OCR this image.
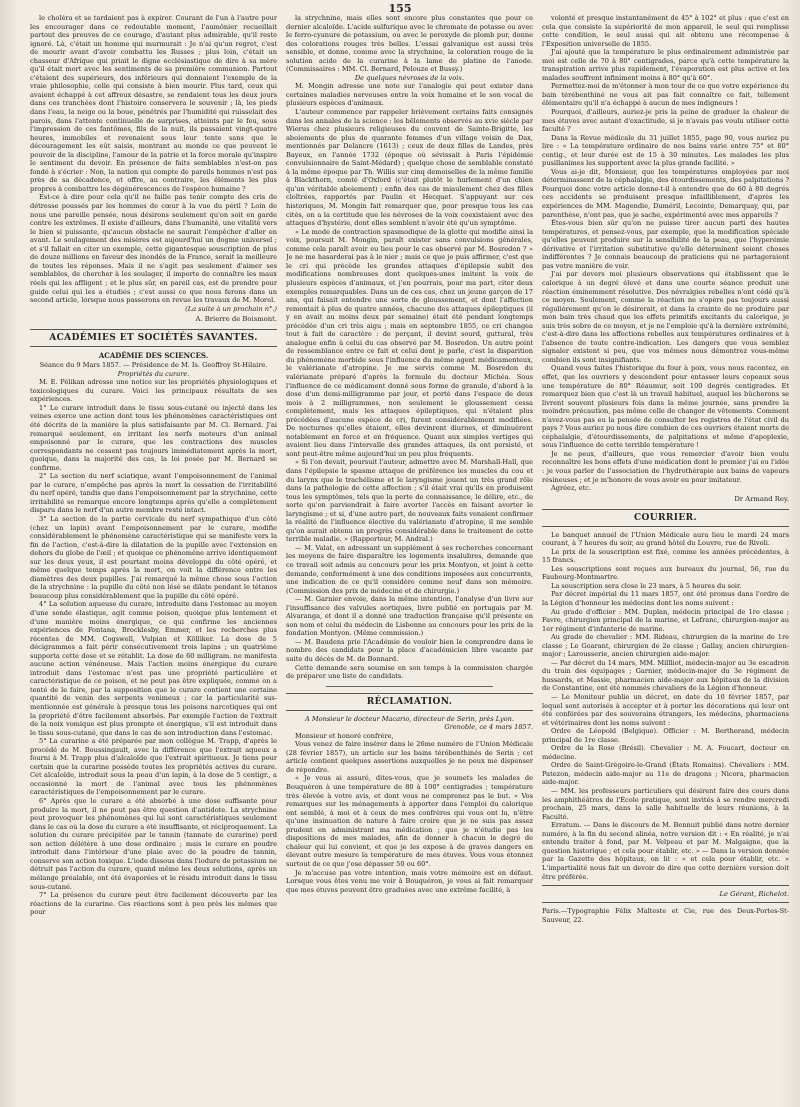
155

le choléra et se tardaient pas à expirer. Courant de l'un à l'autre pour les encourager dans ce redoutable moment, l'aumônier recueillait partout des preuves de ce courage, d'autant plus admirable, qu'il reste ignoré. Là, c'était un homme qui murmurait : Je n'ai qu'un regret, c'est de mourir avant d'avoir combattu les Russes ; plus loin, c'était un chasseur d'Afrique qui priait le digne ecclésiastique de dire à sa mère qu'il était mort avec les sentiments de sa première communion. Partout c'étaient des supérieurs, des inférieurs qui donnaient l'exemple de la vraie philosophie, celle qui consiste à bien mourir. Plus tard, ceux qui avaient échappé à cet affreux désastre, se rendaient tous les deux jours dans ces tranchées dont l'histoire conservera le souvenir ; là, les pieds dans l'eau, la neige ou la boue, pénétrés par l'humidité qui ruisselait des parois, dans l'attente continuelle de surprises, atteints par le feu, sous l'impression de ces fantômes, fils de la nuit, ils passaient vingt-quatre heures, immobiles et revenaient sous leur tente sans que le découragement les eût saisis, montrant au monde ce que peuvent le pouvoir de la discipline, l'amour de la patrie et la force morale qu'inspire le sentiment du devoir. En présence de faits semblables n'est-on pas fondé à s'écrier : Non, la nation qui compte de pareils hommes n'est pas près de sa décadence, et offre, au contraire, les éléments les plus propres à combattre les dégénérescences de l'espèce humaine ?

Est-ce à dire pour cela qu'il ne faille pas tenir compte des cris de détresse poussés par les hommes de cœur à la vue du péril ? Loin de nous une pareille pensée, nous désirons seulement qu'on soit en garde contre les extrêmes. Il existe d'ailleurs, dans l'humanité, une vitalité vers le bien si puissante, qu'aucun obstacle ne saurait l'empêcher d'aller en avant. Le soulagement des misères est aujourd'hui un dogme universel ; et s'il fallait en citer un exemple, cette gigantesque souscription de plus de douze millions en faveur des inondés de la France, serait la meilleure de toutes les réponses. Mais il ne s'agit pas seulement d'aimer ses semblables, de chercher à les soulager, il importe de connaître les maux réels qui les affligent ; et le plus sûr, en pareil cas, est de prendre pour guide celui qui les a étudiés ; c'est aussi ce que nous ferons dans un second article, lorsque nous passerons en revue les travaux de M. Morel.

(La suite à un prochain n°.)

A. Brierre de Boismont.
ACADÉMIES ET SOCIÉTÉS SAVANTES.
ACADÉMIE DES SCIENCES.

Séance du 9 Mars 1857. — Présidence de M. Is. Geoffroy St-Hilaire.

Propriétés du curare.

M. E. Pélikan adresse une notice sur les propriétés physiologiques et toxicologiques du curare. Voici les principaux résultats de ses expériences.

1° Le curare introduit dans le tissu sous-cutané ou injecté dans les veines exerce une action dont tous les phénomènes caractéristiques ont été décrits de la manière la plus satisfaisante par M. Cl. Bernard. J'ai remarqué seulement, en irritant les nerfs moteurs d'un animal empoisonné par le curare, que les contractions des muscles correspondants ne cessent pas toujours immédiatement après la mort, quoique, dans la majorité des cas, la loi posée par M. Bernard se confirme.

2° La section du nerf sciatique, avant l'empoisonnement de l'animal par le curare, n'empêche pas après la mort la cessation de l'irritabilité du nerf opéré, tandis que dans l'empoisonnement par la strychnine, cette irritabilité se remarque encore longtemps après qu'elle a complètement disparu dans le nerf d'un autre membre resté intact.

3° La section de la partie cervicale du nerf sympathique d'un côté (chez un lapin) avant l'empoisonnement par le curare, modifie considérablement le phénomène caractéristique qui se manifeste vers la fin de l'action, c'est-à-dire la dilatation de la pupille avec l'extension en dehors du globe de l'œil ; et quoique ce phénomène arrive identiquement sur les deux yeux, il est pourtant moins développé du côté opéré, et même quelque temps après la mort, on voit la différence entre les diamètres des deux pupilles. J'ai remarqué la même chose sous l'action de la strychnine : la pupille du côté non lésé se dilate pendant le tétanos beaucoup plus considérablement que la pupille du côté opéré.

4° La solution aqueuse du curare, introduite dans l'estomac au moyen d'une sonde élastique, agit comme poison, quoique plus lentement et d'une manière moins énergique, ce qui confirme les anciennes expériences de Fontana, Brocklesby, Emmer, et les recherches plus récentes de MM. Cogswell, Vulpian et Kölliker. La dose de 5 décigrammes a fait périr consécutivement trois lapins ; un quatrième supporta cette dose et se rétablit. La dose de 60 milligram. ne manifesta aucune action vénéneuse. Mais l'action moins énergique du curare introduit dans l'estomac n'est pas une propriété particulière et caractéristique de ce poison, et ne peut pas être expliquée, comme on a tenté de le faire, par la supposition que le curare contient une certaine quantité de venin des serpents venimeux ; car la particularité sus-mentionnée est générale à presque tous les poisons narcotiques qui ont la propriété d'être facilement absorbés. Par exemple l'action de l'extrait de la noix vomique est plus prompte et énergique, s'il est introduit dans le tissu sous-cutané, que dans le cas de son introduction dans l'estomac.

5° La curarine a été préparée par mon collègue M. Trapp, d'après le procédé de M. Boussingault, avec la différence que l'extrait aqueux a fourni à M. Trapp plus d'alcaloïde que l'extrait spiritueux. Je tiens pour certain que la curarine possède toutes les propriétés actives du curare. Cet alcaloïde, introduit sous la peau d'un lapin, à la dose de 5 centigr., a occasionné la mort de l'animal avec tous les phénomènes caractéristiques de l'empoisonnement par le curare.

6° Après que le curare a été absorbé à une dose suffisante pour produire la mort, il ne peut pas être question d'antidote. La strychnine peut provoquer les phénomènes qui lui sont caractéristiques seulement dans le cas où la dose du curare a été insuffisante, et réciproquement. La solution du curare précipitée par le tannin (tannate de curarine) perd son action délétère à une dose ordinaire ; mais le curare en poudre introduit dans l'intérieur d'une plaie avec de la poudre de tannin, conserve son action toxique. L'iode dissous dans l'iodure de potassium ne détruit pas l'action du curare, quand même les deux solutions, après un mélange préalable, ont été évaporées et le résidu introduit dans le tissu sous-cutané.

7° La présence du curare peut être facilement découverte par les réactions de la curarine. Ces réactions sont à peu près les mêmes que pour

la strychnine, mais elles sont encore plus constantes que pour ce dernier alcaloïde. L'acide sulfurique avec le chromate de potasse ou avec le ferro-cyanure de potassium, ou avec le peroxyde de plomb pur, donne des colorations rouges très belles. L'essai galvanique est aussi très sensible, et donne, comme avec la strychnine, la coloration rouge de la solution acide de la curarine à la lame de platine de l'anode. (Commissaires : MM. Cl. Bernard, Pelouze et Bussy.)

De quelques névroses de la voix.

M. Mongin adresse une note sur l'analogie qui peut exister dans certaines maladies nerveuses entre la voix humaine et le son vocal de plusieurs espèces d'animaux.

L'auteur commence par rappeler brièvement certains faits consignés dans les annales de la science : les bêlements observés au xvie siècle par Wierus chez plusieurs religieuses du couvent de Sainte-Brigitte, les aboiements de plus de quarante femmes d'un village voisin de Dax, mentionnés par Delancre (1613) ; ceux de deux filles de Landes, près Bayeux, en l'année 1732 (époque où sévissait à Paris l'épidémie convulsionnaire de Saint-Médard) ; quelque chose de semblable constaté à la même époque par Th. Willis sur cinq demoiselles de la même famille à Blackthorn, comté d'Oxford (c'était plutôt le hurlement d'un chien qu'un véritable aboiement) ; enfin des cas de miaulement chez des filles cloîtrées, rapportés par Paulin et Hecquet. S'appuyant sur ces historiques, M. Mongin fait remarquer que, pour presque tous les cas cités, on a la certitude que les névroses de la voix coexistaient avec des attaques d'hystérie, dont elles semblent n'avoir été qu'un symptôme.

« Le mode de contraction spasmodique de la glotte qui modifie ainsi la voix, poursuit M. Mongin, paraît exister sans convulsions générales, comme cela paraît avoir eu lieu pour le cas observé par M. Bosredon ? » Je ne me hasarderai pas à le nier ; mais ce que je puis affirmer, c'est que le cri qui précède les grandes attaques d'épilepsie subit des modifications nombreuses dont quelques-unes imitent la voix de plusieurs espèces d'animaux, et j'en pourrais, pour ma part, citer deux exemples remarquables. Dans un de ces cas, chez un jeune garçon de 17 ans, qui faisait entendre une sorte de gloussement, et dont l'affection remontait à plus de quatre années, chacune des attaques épileptiques (il y en avait au moins deux par semaine) était été pendant longtemps précédée d'un cri très aigu ; mais en septembre 1855, ce cri changea tout à fait de caractère : de perçant, il devint sourd, guttural, très analogue enfin à celui du cas observé par M. Bosredon. Un autre point de ressemblance entre ce fait et celui dont je parle, c'est la disparition du phénomène morbide sous l'influence du même agent médicamenteux, le valérianate d'atropine. Je me servis comme M. Bosredon du valérianate préparé d'après la formule du docteur Michéa. Sous l'influence de ce médicament donné sous forme de granule, d'abord à la dose d'un demi-milligramme par jour, et porté dans l'espace de deux mois à 2 milligrammes, non seulement le gloussement cessa complètement, mais les attaques épileptiques, qui n'étaient plus précédées d'aucune espèce de cri, furent considérablement modifiées. De nocturnes qu'elles étaient, elles devinrent diurnes, et diminuèrent notablement en force et en fréquence. Quant aux simples vertiges qui avaient lieu dans l'intervalle des grandes attaques, ils ont persisté, et sont peut-être même aujourd'hui un peu plus fréquents.

« Si l'on devait, poursuit l'auteur, admettre avec M. Marshall-Hall, que dans l'épilepsie le spasme attaque de préférence les muscles du cou et du larynx que le trachélisme et le laryngisme jouent un très grand rôle dans la pathologie de cette affection ; s'il était vrai qu'ils en produisent tous les symptômes, tels que la perte de connaissance, le délire, etc., de sorte qu'on parviendrait à faire avorter l'accès en faisant avorter le laryngisme ; et si, d'une autre part, de nouveaux faits venaient confirmer la réalité de l'influence élective du valérianate d'atropine, il me semble qu'on aurait obtenu un progrès considérable dans le traitement de cette terrible maladie. » (Rapporteur, M. Andral.)

— M. Valat, en adressant un supplément à ses recherches concernant les moyens de faire disparaître les logements insalubres, demande que ce travail soit admis au concours pour les prix Montyon, et joint à cette demande, conformément à une des conditions imposées aux concurrents, une indication de ce qu'il considère comme neuf dans son mémoire. (Commission des prix de médecine et de chirurgie.)

— M. Garnier envoie, dans la même intention, l'analyse d'un livre sur l'insuffisance des valvules aortiques, livre publié en portugais par M. Alvaranga, et dont il a donné une traduction française qu'il présente en son nom et celui du médecin de Lisbonne au concours pour les prix de la fondation Montyon. (Même commission.)

— M. Baudens prie l'Académie de vouloir bien le comprendre dans le nombre des candidats pour la place d'académicien libre vacante par suite du décès de M. de Bonnard.

Cette demande sera soumise en son temps à la commission chargée de préparer une liste de candidats.

RÉCLAMATION.

A Monsieur le docteur Macario, directeur de Serin, près Lyon.

Grenoble, ce 4 mars 1857.

Monsieur et honoré confrère,

Vous venez de faire insérer dans le 26me numéro de l'Union Médicale (28 février 1857), un article sur les bains térébenthinés de Serin ; cet article contient quelques assertions auxquelles je ne peux me dispenser de répondre.

« Je vous ai assuré, dites-vous, que je soumets les malades de Bouquéron à une température de 80 à 100° centigrades ; température très élevée à votre avis, et dont vous ne comprenez pas le but. » Vos remarques sur les ménagements à apporter dans l'emploi du calorique ont semblé, à moi et à ceux de mes confrères qui vous ont lu, n'être qu'une insinuation de nature à faire croire que je ne suis pas assez prudent en administrant ma médication ; que je n'étudie pas les dispositions de mes malades, afin de donner à chacun le degré de chaleur qui lui convient, et que je les expose à de graves dangers en élevant outre mesure la température de mes étuves. Vous vous étonnez surtout de ce que j'ose dépasser 50 ou 60°.

Je m'accuse pas votre intention, mais votre mémoire est en défaut. Lorsque vous êtes venu me voir à Bouquéron, je vous ai fait remarquer que mes étuves peuvent être graduées avec une extrême facilité, à

volonté et presque instantanément de 45° à 102° et plus : que c'est en cela que consiste la supériorité de mon appareil, le seul qui remplisse cette condition, le seul aussi qui ait obtenu une récompense à l'Exposition universelle de 1855.

J'ai ajouté que la température le plus ordinairement administrée par moi est celle de 70 à 80° centigrades, parce qu'à cette température la transpiration arrive plus rapidement, l'évaporation est plus active et les malades souffrent infiniment moins à 80° qu'à 60°.

Permettez-moi de m'étonner à mon tour de ce que votre expérience du bain térébenthiné ne vous ait pas fait connaître ce fait, tellement élémentaire qu'il n'a échappé à aucun de mes indigneurs !

Pourquoi, d'ailleurs, auriez-je pris la peine de graduer la chaleur de mes étuves avec autant d'exactitude, si je n'avais pas voulu utiliser cette faculté ?

Dans la Revue médicale du 31 juillet 1855, page 90, vous auriez pu lire : « La température ordinaire de nos bains varie entre 75° et 80° centig., et leur durée est de 15 à 30 minutes. Les malades les plus pusillanimes les supportent avec la plus grande facilité. »

Vous ai-je dit, Monsieur, que les températures employées par moi déterminassent de la céphalalgie, des étourdissements, des palpitations ? Pourquoi donc votre article donne-t-il à entendre que de 60 à 80 degrés ces accidents se produisent presque infailliblement, d'après les expériences de MM. Magendie, Duméril, Lecointe, Demarquay, qui, par parenthèse, n'ont pas, que je sache, expérimenté avec mes appareils ?

Êtes-vous bien sûr qu'on ne puisse tirer aucun parti des hautes températures, et pensez-vous, par exemple, que la modification spéciale qu'elles peuvent produire sur la sensibilité de la peau, que l'hyperémie dérivative et l'irritation substitutive qu'elle déterminent soient choses indifférentes ? Je connais beaucoup de praticiens qui ne partageraient pas votre manière de voir.

J'ai par devers moi plusieurs observations qui établissent que le calorique à un degré élevé et dans une courte séance produit une réaction éminemment résolutive. Des névralgies rebelles n'ont cédé qu'à ce moyen. Seulement, comme la réaction ne s'opère pas toujours aussi régulièrement qu'on le désirerait, et dans la crainte de ne produire par mon bain très chaud que les effets primitifs excitants du calorique, je suis très sobre de ce moyen, et je ne l'emploie qu'à la dernière extrémité, c'est-à-dire dans les affections rebelles aux températures ordinaires et à l'absence de toute contre-indication. Les dangers que vous semblez signaler existent si peu, que vos mêmes nous démontrez vous-même combien ils sont insignifiants.

Quand vous faites l'historique du four à poix, vous nous racontez, en effet, que les ouvriers y descendent pour entasser leurs copeaux sous une température de 80° Réaumur, soit 100 degrés centigrades. Et remarquez bien que c'est là un travail habituel, auquel les bûcherons se livrent souvent plusieurs fois dans la même journée, sans prendre la moindre précaution, pas même celle de changer de vêtements. Comment n'avez-vous pas eu la pensée de consulter les registres de l'état civil du pays ? Vous auriez pu nous dire combien de ces ouvriers étaient morts de céphalalgie, d'étourdissements, de palpitations et même d'apoplexie, sous l'influence de cette terrible température !

Je ne peux, d'ailleurs, que vous remercier d'avoir bien voulu reconnaître les bons effets d'une médication dont le premier j'ai eu l'idée : je vous parler de l'association de l'hydrothérapie aux bains de vapeurs résineuses ; et je m'honore de vous avoir eu pour imitateur.

Agréez, etc.

Dr Armand Rey.
COURRIER.

Le banquet annuel de l'Union Médicale aura lieu le mardi 24 mars courant, à 7 heures du soir, au grand hôtel du Louvre, rue de Rivoli.

Le prix de la souscription est fixé, comme les années précédentes, à 15 francs.

Les souscriptions sont reçues aux bureaux du journal, 56, rue du Faubourg-Montmartre.

La souscription sera close le 23 mars, à 5 heures du soir.

Par décret impérial du 11 mars 1857, ont été promus dans l'ordre de la Légion d'honneur les médecins dont les noms suivent :

Au grade d'officier : MM. Duplan, médecin principal de 1re classe ; Favre, chirurgien principal de la marine, et Lefranc, chirurgien-major au 1er régiment d'infanterie de marine.

Au grade de chevalier : MM. Rideau, chirurgien de la marine de 1re classe ; Le Goarant, chirurgien de 2e classe ; Gallay, ancien chirurgien-major ; Larousserie, ancien chirurgien aide-major.

— Par décret du 14 mars, MM. Millliot, médecin-major au 3e escadron du train des équipages ; Garnier, médecin-major du 3e régiment de hussards, et Massie, pharmacien aide-major aux hôpitaux de la division de Constantine, ont été nommés chevaliers de la Légion d'honneur.

— Le Moniteur publie un décret, en date du 10 février 1857, par lequel sont autorisés à accepter et à porter les décorations qui leur ont été conférées par des souverains étrangers, les médecins, pharmaciens et vétérinaires dont les noms suivent :

Ordre de Léopold (Belgique). Officier : M. Bertherand, médecin principal de 1re classe.

Ordre de la Rose (Brésil). Chevalier : M. A. Foucart, docteur en médecine.

Ordre de Saint-Grégoire-le-Grand (États Romains). Chevaliers : MM. Patezon, médecin aide-major au 11e de dragons ; Nicora, pharmacien aide-major.

— MM. les professeurs particuliers qui désirent faire des cours dans les amphithéâtres de l'École pratique, sont invités à se rendre mercredi prochain, 25 mars, dans la salle habituelle de leurs réunions, à la Faculté.

Erratum. — Dans le discours de M. Bennuit publié dans notre dernier numéro, à la fin du second alinéa, notre version dit : « En réalité, je n'ai entendu traiter à fond, par M. Velpeau et par M. Malgaigne, que la question historique ; et cela pour établir, etc. » — Dans la version donnée par la Gazette des hôpitaux, on lit : « et cela pour établir, etc. » L'impartialité nous fait un devoir de dire que cette dernière version doit être préférée.

Le Gérant, Richelot.

Paris.—Typographie Félix Malteste et Cie, rue des Deux-Portes-St-Sauveur, 22.
